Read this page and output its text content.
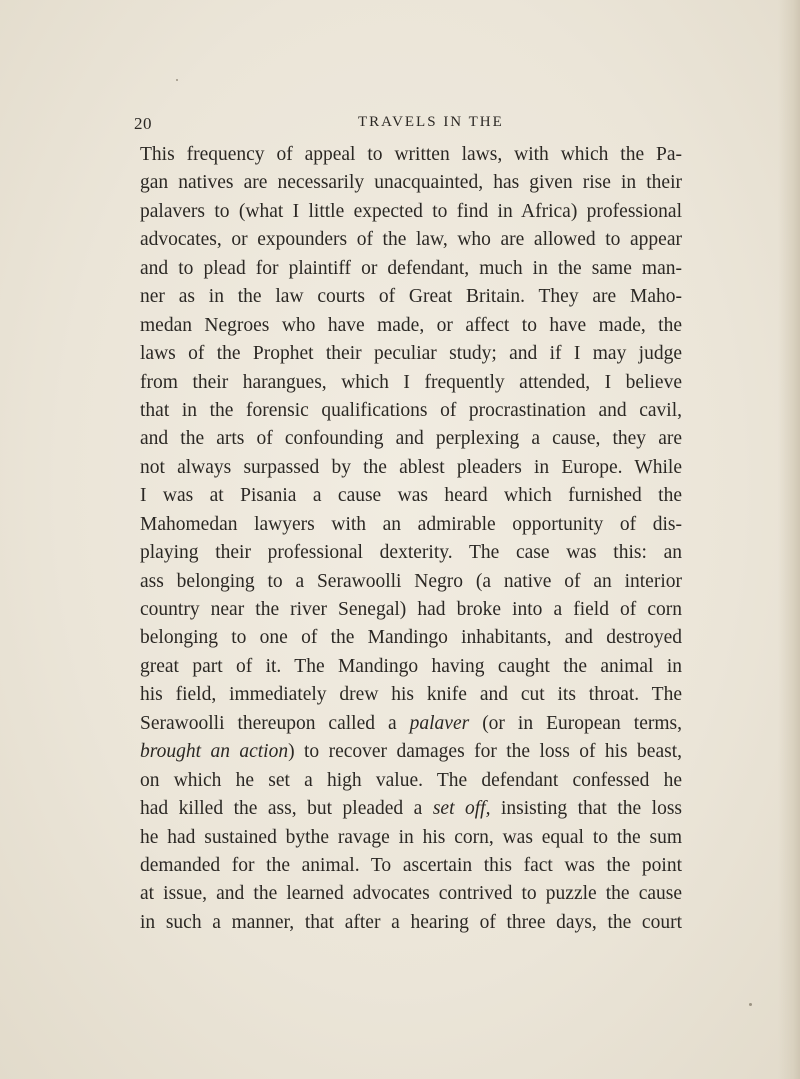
20	TRAVELS IN THE
This frequency of appeal to written laws, with which the Pa-
gan natives are necessarily unacquainted, has given rise in their
palavers to (what I little expected to find in Africa) professional
advocates, or expounders of the law, who are allowed to appear
and to plead for plaintiff or defendant, much in the same man-
ner as in the law courts of Great Britain. They are Maho-
medan Negroes who have made, or affect to have made, the
laws of the Prophet their peculiar study; and if I may judge
from their harangues, which I frequently attended, I believe
that in the forensic qualifications of procrastination and cavil,
and the arts of confounding and perplexing a cause, they are
not always surpassed by the ablest pleaders in Europe. While
I was at Pisania a cause was heard which furnished the
Mahomedan lawyers with an admirable opportunity of dis-
playing their professional dexterity. The case was this: an
ass belonging to a Serawoolli Negro (a native of an interior
country near the river Senegal) had broke into a field of corn
belonging to one of the Mandingo inhabitants, and destroyed
great part of it. The Mandingo having caught the animal in
his field, immediately drew his knife and cut its throat. The
Serawoolli thereupon called a palaver (or in European terms,
brought an action) to recover damages for the loss of his beast,
on which he set a high value. The defendant confessed he
had killed the ass, but pleaded a set off, insisting that the loss
he had sustained bythe ravage in his corn, was equal to the sum
demanded for the animal. To ascertain this fact was the point
at issue, and the learned advocates contrived to puzzle the cause
in such a manner, that after a hearing of three days, the court
